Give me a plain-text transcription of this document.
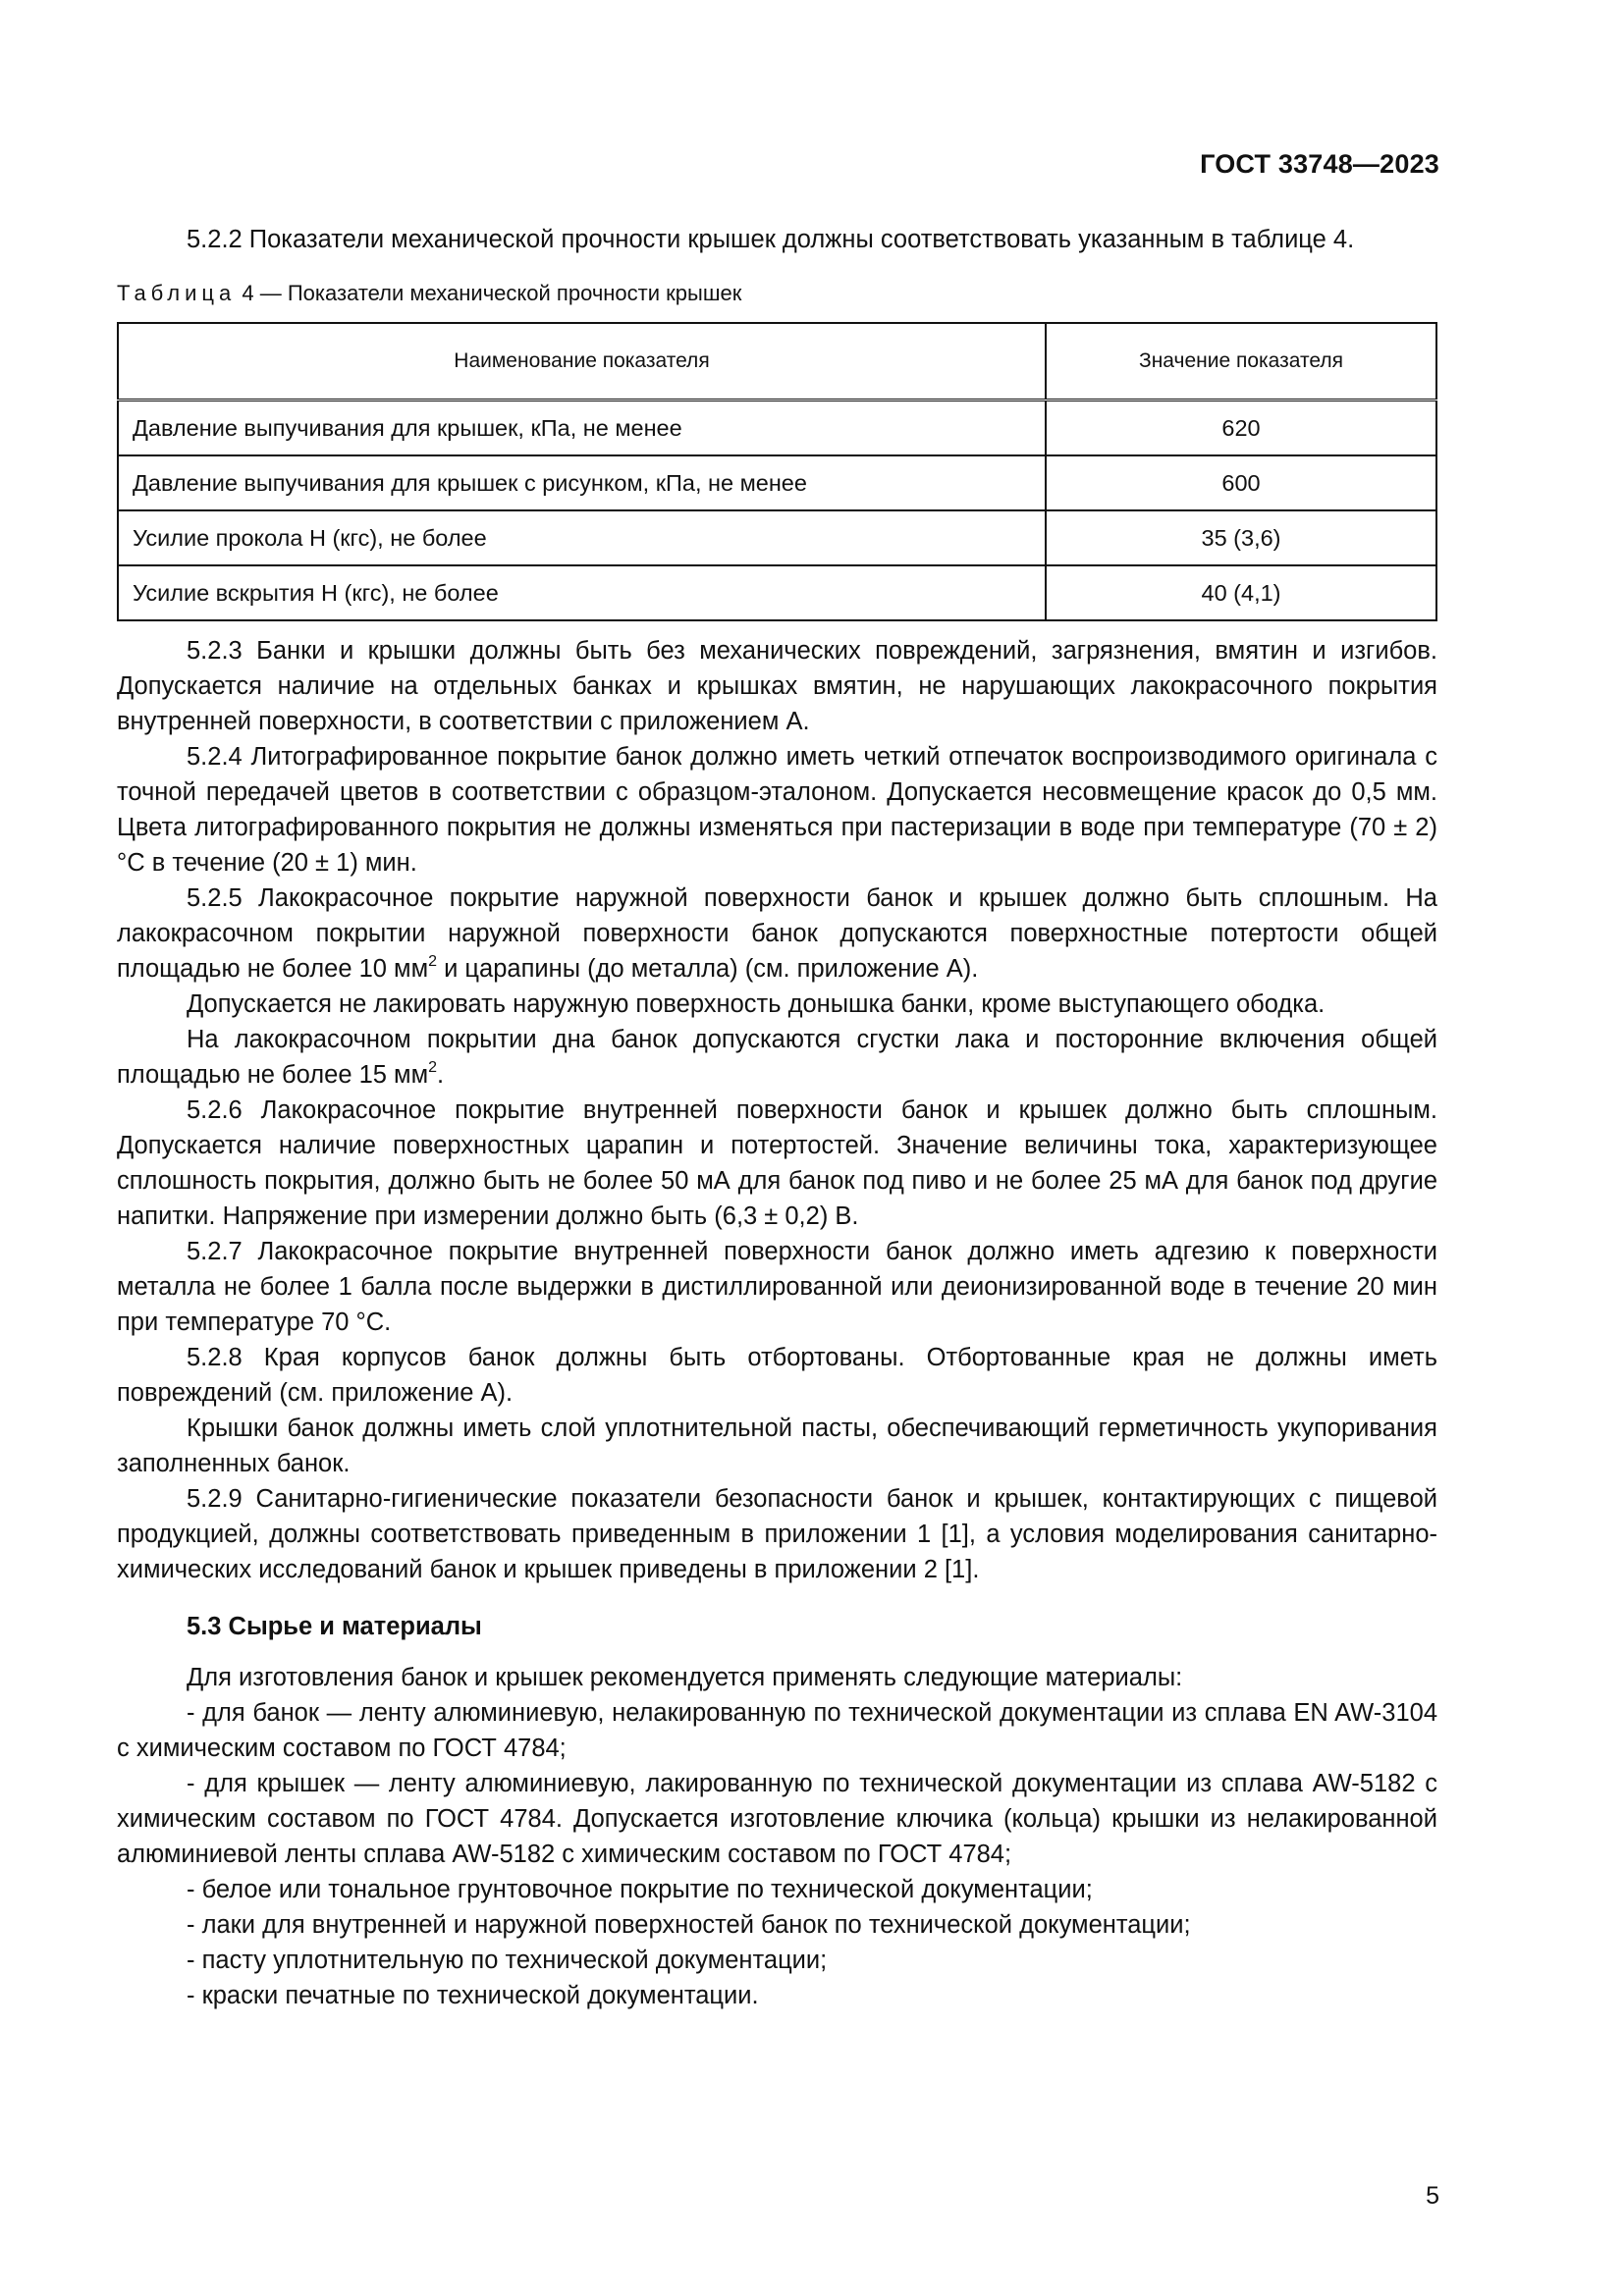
ГОСТ 33748—2023

5.2.2 Показатели механической прочности крышек должны соответствовать указанным в таблице 4.

Таблица 4 — Показатели механической прочности крышек
Наименование показателя	Значение показателя
Давление выпучивания для крышек, кПа, не менее	620
Давление выпучивания для крышек с рисунком, кПа, не менее	600
Усилие прокола Н (кгс), не более	35 (3,6)
Усилие вскрытия Н (кгс), не более	40 (4,1)

5.2.3 Банки и крышки должны быть без механических повреждений, загрязнения, вмятин и изгибов. Допускается наличие на отдельных банках и крышках вмятин, не нарушающих лакокрасочного покрытия внутренней поверхности, в соответствии с приложением А.

5.2.4 Литографированное покрытие банок должно иметь четкий отпечаток воспроизводимого оригинала с точной передачей цветов в соответствии с образцом-эталоном. Допускается несовмещение красок до 0,5 мм. Цвета литографированного покрытия не должны изменяться при пастеризации в воде при температуре (70 ± 2) °С в течение (20 ± 1) мин.

5.2.5 Лакокрасочное покрытие наружной поверхности банок и крышек должно быть сплошным. На лакокрасочном покрытии наружной поверхности банок допускаются поверхностные потертости общей площадью не более 10 $мм^2$ и царапины (до металла) (см. приложение А).

Допускается не лакировать наружную поверхность донышка банки, кроме выступающего ободка.

На лакокрасочном покрытии дна банок допускаются сгустки лака и посторонние включения общей площадью не более 15 $мм^2$.

5.2.6 Лакокрасочное покрытие внутренней поверхности банок и крышек должно быть сплошным. Допускается наличие поверхностных царапин и потертостей. Значение величины тока, характеризующее сплошность покрытия, должно быть не более 50 мА для банок под пиво и не более 25 мА для банок под другие напитки. Напряжение при измерении должно быть (6,3 ± 0,2) В.

5.2.7 Лакокрасочное покрытие внутренней поверхности банок должно иметь адгезию к поверхности металла не более 1 балла после выдержки в дистиллированной или деионизированной воде в течение 20 мин при температуре 70 °С.

5.2.8 Края корпусов банок должны быть отбортованы. Отбортованные края не должны иметь повреждений (см. приложение А).

Крышки банок должны иметь слой уплотнительной пасты, обеспечивающий герметичность укупоривания заполненных банок.

5.2.9 Санитарно-гигиенические показатели безопасности банок и крышек, контактирующих с пищевой продукцией, должны соответствовать приведенным в приложении 1 [1], а условия моделирования санитарно-химических исследований банок и крышек приведены в приложении 2 [1].

5.3 Сырье и материалы

Для изготовления банок и крышек рекомендуется применять следующие материалы:

- для банок — ленту алюминиевую, нелакированную по технической документации из сплава EN AW-3104 с химическим составом по ГОСТ 4784;

- для крышек — ленту алюминиевую, лакированную по технической документации из сплава AW-5182 с химическим составом по ГОСТ 4784. Допускается изготовление ключика (кольца) крышки из нелакированной алюминиевой ленты сплава AW-5182 с химическим составом по ГОСТ 4784;

- белое или тональное грунтовочное покрытие по технической документации;

- лаки для внутренней и наружной поверхностей банок по технической документации;

- пасту уплотнительную по технической документации;

- краски печатные по технической документации.

5
